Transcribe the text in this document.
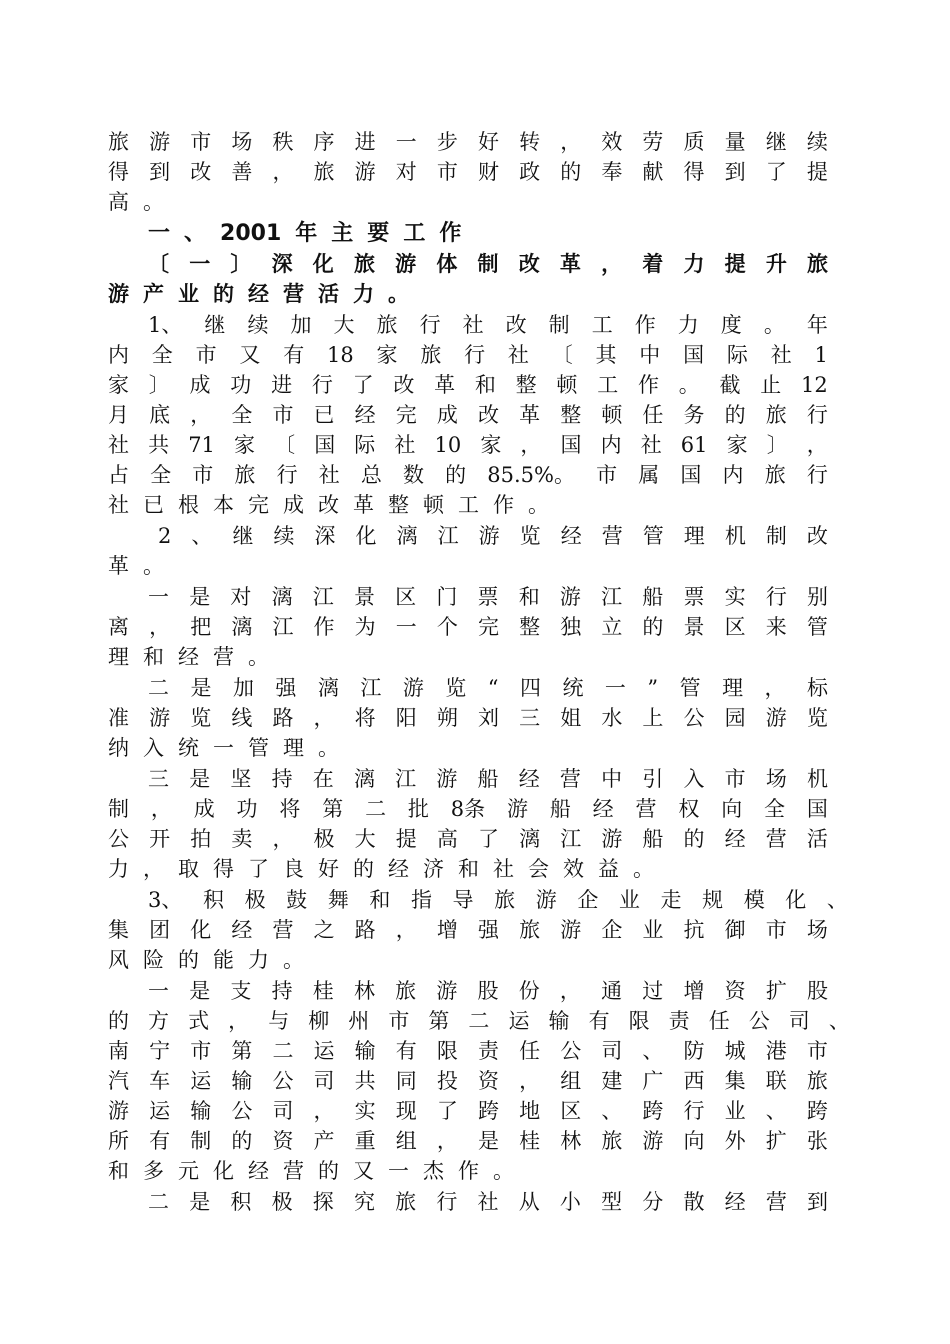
旅 游 市 场 秩 序 进 一 步 好 转 ， 效 劳 质 量 继 续
得 到 改 善 ， 旅 游 对 市 财 政 的 奉 献 得 到 了 提
高 。
一 、 2001 年 主 要 工 作
〔 一 〕 深 化 旅 游 体 制 改 革 ， 着 力 提 升 旅
游 产 业 的 经 营 活 力 。
1、 继 续 加 大 旅 行 社 改 制 工 作 力 度 。 年
内 全 市 又 有 18 家 旅 行 社 〔 其 中 国 际 社 1
家 〕 成 功 进 行 了 改 革 和 整 顿 工 作 。 截 止 12
月 底 ， 全 市 已 经 完 成 改 革 整 顿 任 务 的 旅 行
社 共 71 家 〔 国 际 社 10 家 ， 国 内 社 61 家 〕 ，
占 全 市 旅 行 社 总 数 的 85.5%。 市 属 国 内 旅 行
社 已 根 本 完 成 改 革 整 顿 工 作 。
2 、 继 续 深 化 漓 江 游 览 经 营 管 理 机 制 改
革 。
一 是 对 漓 江 景 区 门 票 和 游 江 船 票 实 行 别
离 ， 把 漓 江 作 为 一 个 完 整 独 立 的 景 区 来 管
理 和 经 营 。
二 是 加 强 漓 江 游 览 “ 四 统 一 ” 管 理 ， 标
准 游 览 线 路 ， 将 阳 朔 刘 三 姐 水 上 公 园 游 览
纳 入 统 一 管 理 。
三 是 坚 持 在 漓 江 游 船 经 营 中 引 入 市 场 机
制 ， 成 功 将 第 二 批 8条 游 船 经 营 权 向 全 国
公 开 拍 卖 ， 极 大 提 高 了 漓 江 游 船 的 经 营 活
力 ， 取 得 了 良 好 的 经 济 和 社 会 效 益 。
3、 积 极 鼓 舞 和 指 导 旅 游 企 业 走 规 模 化 、
集 团 化 经 营 之 路 ， 增 强 旅 游 企 业 抗 御 市 场
风 险 的 能 力 。
一 是 支 持 桂 林 旅 游 股 份 ， 通 过 增 资 扩 股
的 方 式 ， 与 柳 州 市 第 二 运 输 有 限 责 任 公 司 、
南 宁 市 第 二 运 输 有 限 责 任 公 司 、 防 城 港 市
汽 车 运 输 公 司 共 同 投 资 ， 组 建 广 西 集 联 旅
游 运 输 公 司 ， 实 现 了 跨 地 区 、 跨 行 业 、 跨
所 有 制 的 资 产 重 组 ， 是 桂 林 旅 游 向 外 扩 张
和 多 元 化 经 营 的 又 一 杰 作 。
二 是 积 极 探 究 旅 行 社 从 小 型 分 散 经 营 到
